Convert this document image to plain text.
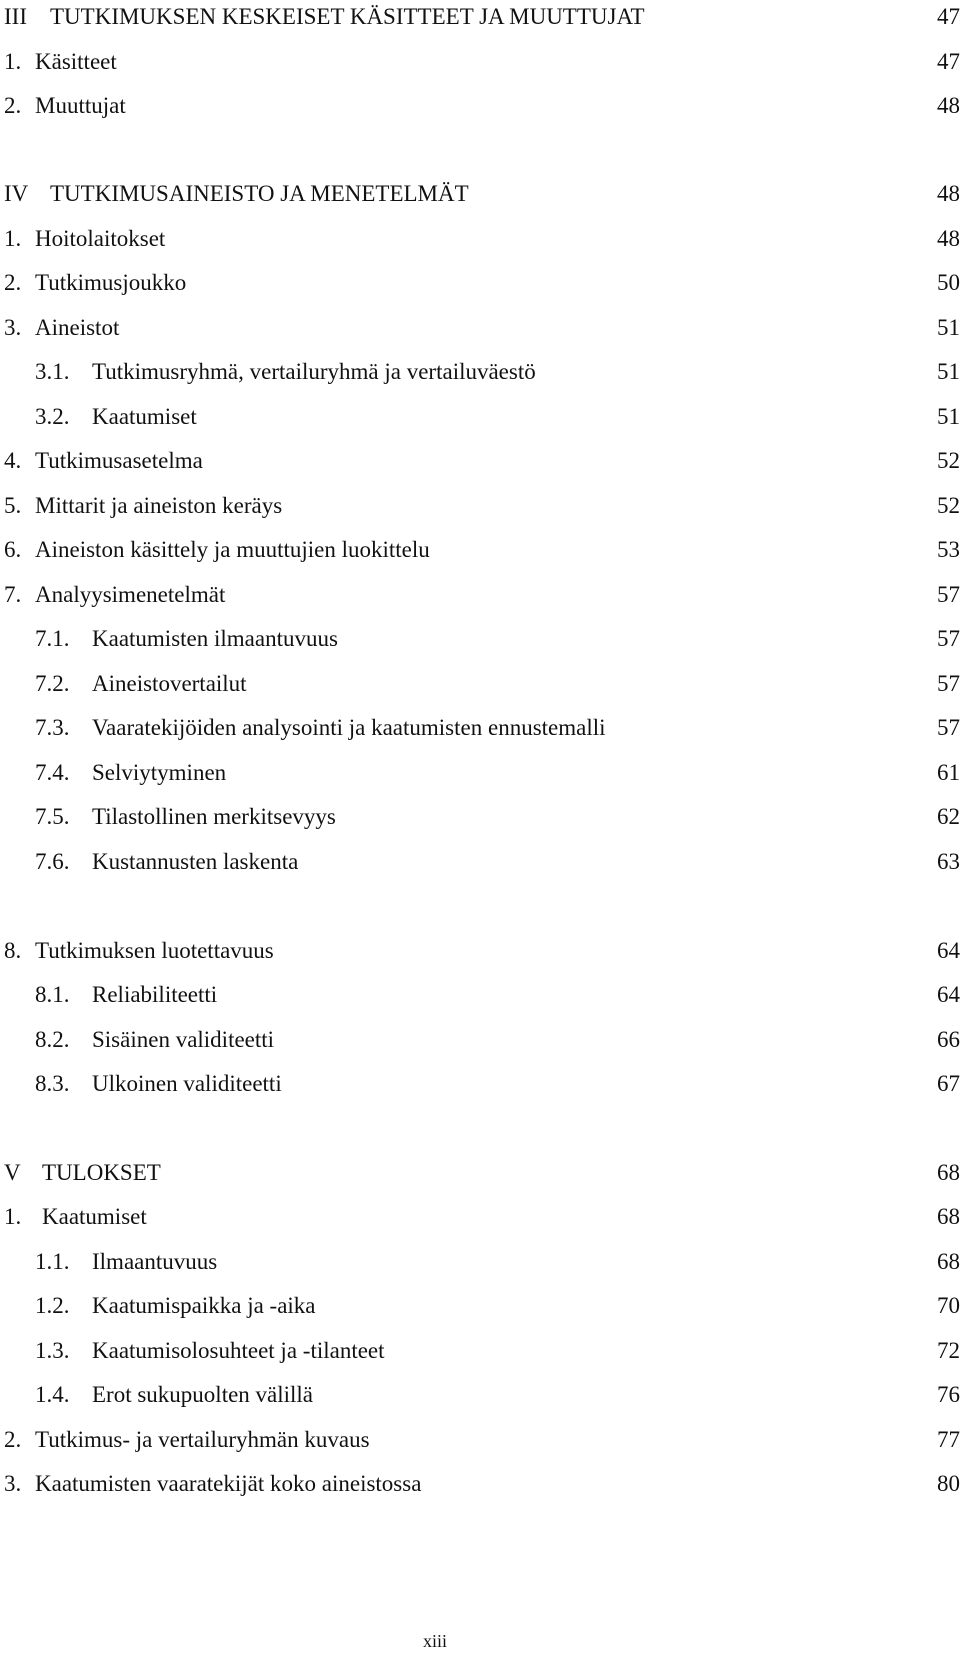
III TUTKIMUKSEN KESKEISET KÄSITTEET JA MUUTTUJAT	47
1. Käsitteet	47
2. Muuttujat	48
IV TUTKIMUSAINEISTO JA MENETELMÄT	48
1. Hoitolaitokset	48
2. Tutkimusjoukko	50
3. Aineistot	51
3.1. Tutkimusryhmä, vertailuryhmä ja vertailuväestö	51
3.2. Kaatumiset	51
4. Tutkimusasetelma	52
5. Mittarit ja aineiston keräys	52
6. Aineiston käsittely ja muuttujien luokittelu	53
7. Analyysimenetelmät	57
7.1. Kaatumisten ilmaantuvuus	57
7.2. Aineistovertailut	57
7.3. Vaaratekijöiden analysointi ja kaatumisten ennustemalli	57
7.4. Selviytyminen	61
7.5. Tilastollinen merkitsevyys	62
7.6. Kustannusten laskenta	63
8. Tutkimuksen luotettavuus	64
8.1. Reliabiliteetti	64
8.2. Sisäinen validiteetti	66
8.3. Ulkoinen validiteetti	67
V TULOKSET	68
1. Kaatumiset	68
1.1. Ilmaantuvuus	68
1.2. Kaatumispaikka ja -aika	70
1.3. Kaatumisolosuhteet ja -tilanteet	72
1.4. Erot sukupuolten välillä	76
2. Tutkimus- ja vertailuryhmän kuvaus	77
3. Kaatumisten vaaratekijät koko aineistossa	80
xiii
